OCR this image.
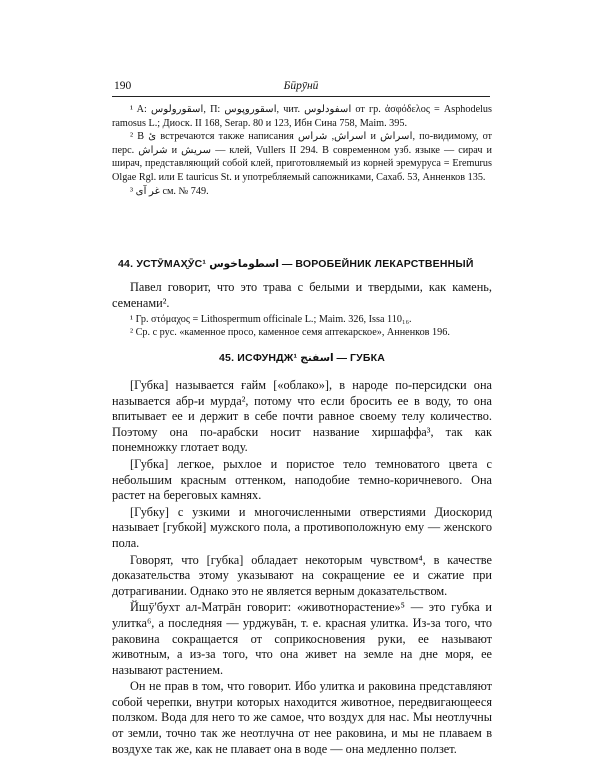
190	Бӣрӯнӣ

¹ A: اسقورولوس, П: اسقوروپوس, чит. اسفودلوس от гр. ἀσφόδελος = Asphodelus ramosus L.; Диоск. II 168, Serap. 80 и 123, Ибн Сина 758, Maim. 395.

² В ئ встречаются также написания اسراش, شراس и اسراش, по-видимому, от перс. شراش и سریش — клей, Vullers II 294. В современном узб. языке — сирач и ширач, представляющий собой клей, приготовляемый из корней эремуруса = Eremurus Olgae Rgl. или E tauricus St. и употребляемый сапожниками, Сахаб. 53, Анненков 135.

³ غر آی см. № 749.

44. УСТӮМАХ̮ӮС¹ اسطوماخوس — ВОРОБЕЙНИК ЛЕКАРСТВЕННЫЙ

Павел говорит, что это трава с белыми и твердыми, как камень, семенами².

¹ Гр. στόμαχος = Lithospermum officinale L.; Maim. 326, Issa 110₁₆.

² Ср. с рус. «каменное просо, каменное семя аптекарское», Анненков 196.

45. ИСФУНДЖ¹ اسفنج — ГУБКА

[Губка] называется ғайм [«облако»], в народе по-персидски она называется абр-и мурда², потому что если бросить ее в воду, то она впитывает ее и держит в себе почти равное своему телу количество. Поэтому она по-арабски носит название хиршаффа³, так как понемножку глотает воду.

[Губка] легкое, рыхлое и пористое тело темноватого цвета с небольшим красным оттенком, наподобие темно-коричневого. Она растет на береговых камнях.

[Губку] с узкими и многочисленными отверстиями Диоскорид называет [губкой] мужского пола, а противоположную ему — женского пола.

Говорят, что [губка] обладает некоторым чувством⁴, в качестве доказательства этому указывают на сокращение ее и сжатие при дотрагивании. Однако это не является верным доказательством.

Йшӯ'бухт ал-Матрāн говорит: «животнорастение»⁵ — это губка и улитка⁶, а последняя — урджувāн, т. е. красная улитка. Из-за того, что раковина сокращается от соприкосновения руки, ее называют животным, а из-за того, что она живет на земле на дне моря, ее называют растением.

Он не прав в том, что говорит. Ибо улитка и раковина представляют собой черепки, внутри которых находится животное, передвигающееся ползком. Вода для него то же самое, что воздух для нас. Мы неотлучны от земли, точно так же неотлучна от нее раковина, и мы не плаваем в воздухе так же, как не плавает она в воде — она медленно ползет.
